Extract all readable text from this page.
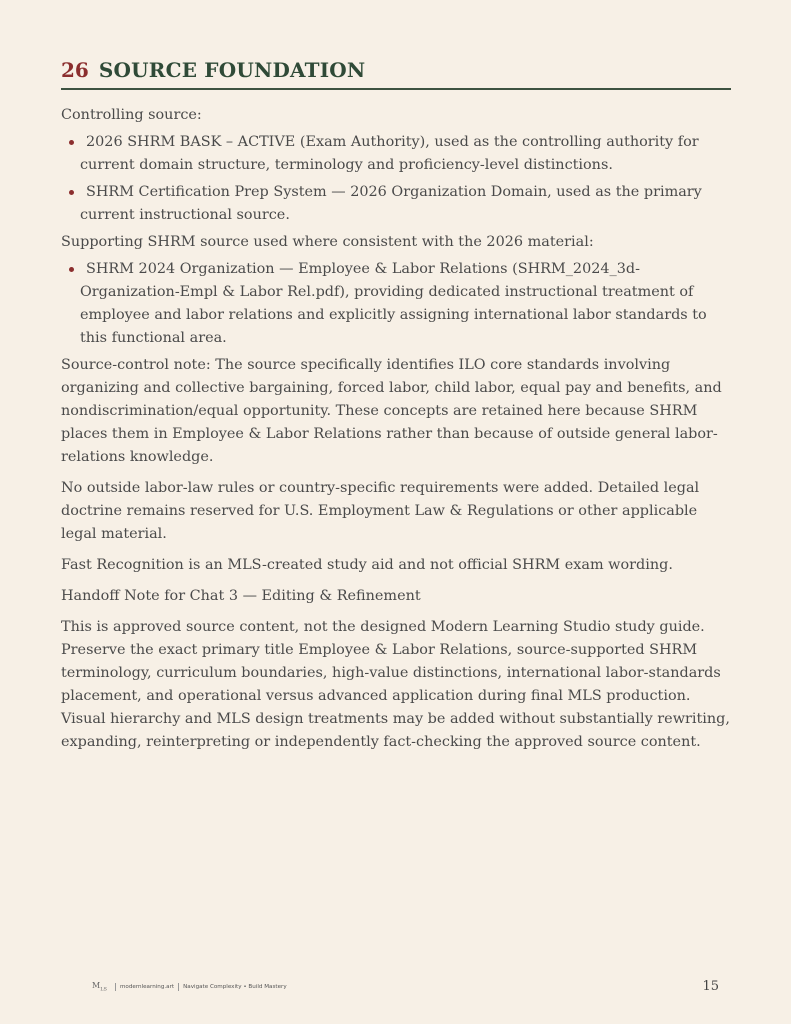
26 SOURCE FOUNDATION

Controlling source:

2026 SHRM BASK – ACTIVE (Exam Authority), used as the controlling authority for current domain structure, terminology and proficiency-level distinctions.
SHRM Certification Prep System — 2026 Organization Domain, used as the primary current instructional source.

Supporting SHRM source used where consistent with the 2026 material:

SHRM 2024 Organization — Employee & Labor Relations (SHRM_2024_3d-Organization-Empl & Labor Rel.pdf), providing dedicated instructional treatment of employee and labor relations and explicitly assigning international labor standards to this functional area.

Source-control note: The source specifically identifies ILO core standards involving organizing and collective bargaining, forced labor, child labor, equal pay and benefits, and nondiscrimination/equal opportunity. These concepts are retained here because SHRM places them in Employee & Labor Relations rather than because of outside general labor-relations knowledge.

No outside labor-law rules or country-specific requirements were added. Detailed legal doctrine remains reserved for U.S. Employment Law & Regulations or other applicable legal material.

Fast Recognition is an MLS-created study aid and not official SHRM exam wording.

Handoff Note for Chat 3 — Editing & Refinement

This is approved source content, not the designed Modern Learning Studio study guide. Preserve the exact primary title Employee & Labor Relations, source-supported SHRM terminology, curriculum boundaries, high-value distinctions, international labor-standards placement, and operational versus advanced application during final MLS production. Visual hierarchy and MLS design treatments may be added without substantially rewriting, expanding, reinterpreting or independently fact-checking the approved source content.

$M_{LS}$ modernlearning.art Navigate Complexity • Build Mastery	15
